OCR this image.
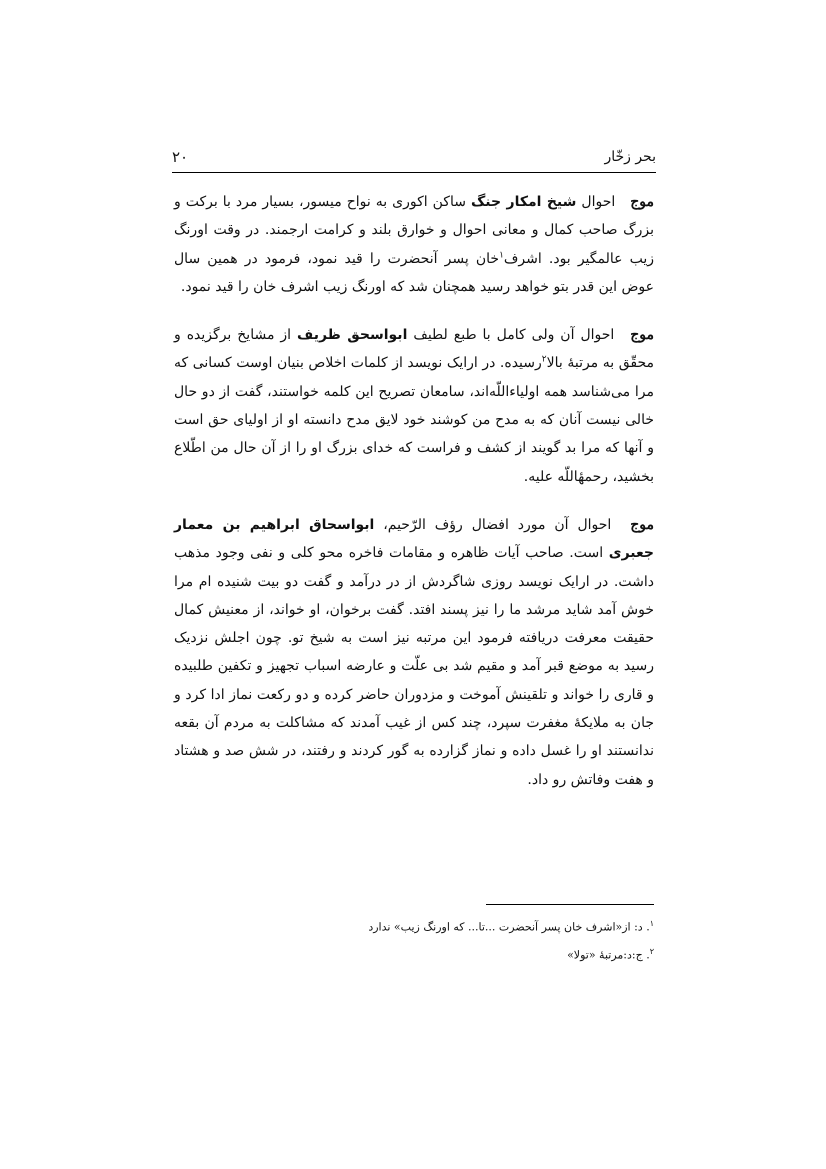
بحر زخّار
۲۰

موج احوال شیخ امکار جنگ ساکن اکوری به نواح میسور، بسیار مرد با برکت و بزرگ صاحب کمال و معانی احوال و خوارق بلند و کرامت ارجمند. در وقت اورنگ زیب عالمگیر بود. اشرف$^۱$خان پسر آنحضرت را قید نمود، فرمود در همین سال عوض این قدر بتو خواهد رسید همچنان شد که اورنگ زیب اشرف خان را قید نمود.

موج احوال آن ولی کامل با طبع لطیف ابواسحق ظریف از مشایخ برگزیده و محقّق به مرتبهٔ بالا$^۲$رسیده. در ارایک نویسد از کلمات اخلاص بنیان اوست کسانی که مرا می‌شناسد همه اولیاءاللّه‌اند، سامعان تصریح این کلمه خواستند، گفت از دو حال خالی نیست آنان که به مدح من کوشند خود لایق مدح دانسته او از اولیای حق است و آنها که مرا بد گویند از کشف و فراست که خدای بزرگ او را از آن حال من اطّلاع بخشید، رحمهٔاللّه علیه.

موج احوال آن مورد افضال رؤف الرّحیم، ابواسحاق ابراهیم بن معمار جعبری است. صاحب آیات ظاهره و مقامات فاخره محو کلی و نفی وجود مذهب داشت. در ارایک نویسد روزی شاگردش از در درآمد و گفت دو بیت شنیده ام مرا خوش آمد شاید مرشد ما را نیز پسند افتد. گفت برخوان، او خواند، از معنیش کمال حقیقت معرفت دریافته فرمود این مرتبه نیز است به شیخ تو. چون اجلش نزدیک رسید به موضع قبر آمد و مقیم شد بی علّت و عارضه اسباب تجهیز و تکفین طلبیده و قاری را خواند و تلقینش آموخت و مزدوران حاضر کرده و دو رکعت نماز ادا کرد و جان به ملایکهٔ مغفرت سپرد، چند کس از غیب آمدند که مشاکلت به مردم آن بقعه ندانستند او را غسل داده و نماز گزارده به گور کردند و رفتند، در شش صد و هشتاد و هفت وفاتش رو داد.

$^۱$. د: از«اشرف خان پسر آنحضرت ...تا... که اورنگ زیب» ندارد
$^۲$. ج:د:مرتبهٔ «تولا»
